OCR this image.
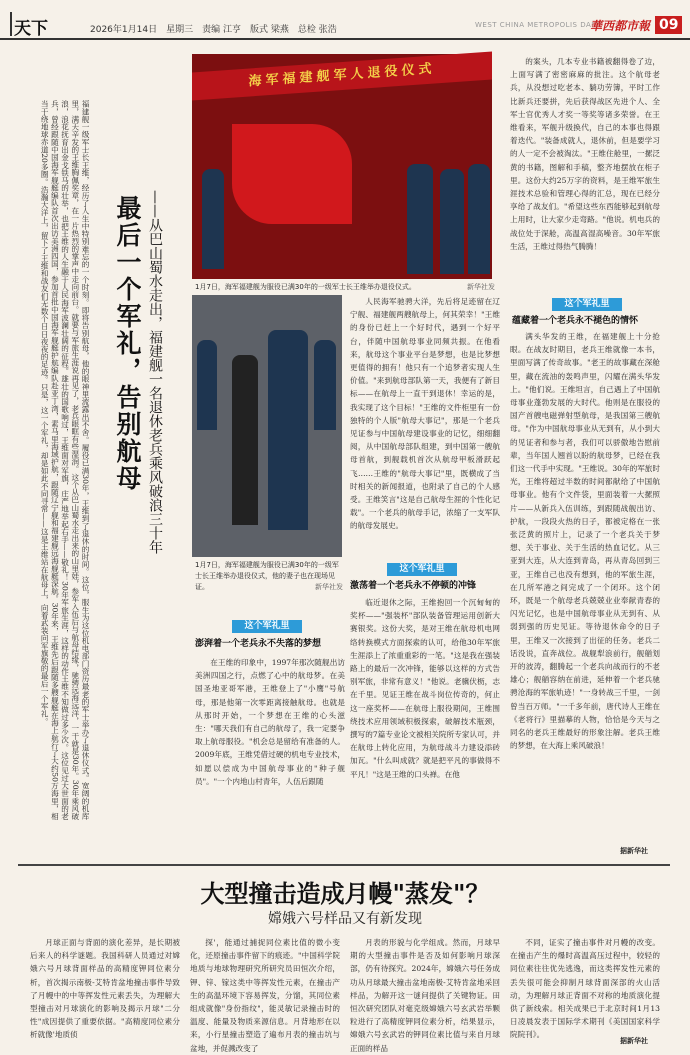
天下	2026年1月14日 星期三 责编 江亨 版式 梁燕 总检 张浩	WEST CHINA METROPOLIS DAILY
華西都市報 09
福建舰一级军士长王维，经历了人生中特别难忘的一个时刻。即将告别航母，他的眼神里流露出不舍。履役已满30年，王维到了退休的时间。这位，服生为这位机电部门资历最老的军士举办了退休仪式。宽阔的机库里，满天辛发的王维胸佩奖章，在一片热烈的掌声中走向前台。就要与军旅生涯说再见了，老兵眼眶有些湿润。这个从巴山蜀水走出来的山里娃，参军入伍后与航母结缘，驰骋远海远洋，一干就是30年。30年乘风破浪，浪花抚育出金戈铁马的壮举，也把王维的人生融于人民海军波澜壮阔的征程。雄壮的国歌响过，王维面对军旗，庄严地举起右手——敬礼！30年军旅生涯，这样的动作王维不知做过多少次。这位见过大世面的老兵，曾经跟随中国海军舰艇编队首次出访美洲四国，参加首批中国海军舰艇护航编队赴亚丁湾，素马里海域护航，跟随辽宁舰和福建舰远海舰艇深航。30年来，王维先后跟随多艘舰艇在海上航行了大约50万海里，相当于绕地球赤道20多圈。浩瀚大洋上，留下了王维和战友们无数个日日夜夜的足迹。只是，这一个军礼，却是如此不同寻常——这是王维站在航母上，向着武装向军旗敬的最后一个军礼。	最后一个军礼，告别航母 ——从巴山蜀水走出，福建舰一名退休老兵乘风破浪三十年
海军福建舰军人退役仪式
1月7日，海军福建舰为服役已满30年的一级军士长王维举办退役仪式。	新华社发
1月7日，海军福建舰为服役已满30年的一级军士长王维举办退役仪式，他的妻子也在现场见证。	新华社发
这个军礼里
澎湃着一个老兵永不失落的梦想

在王维的印象中，1997年那次随舰出访美洲四国之行，点燃了心中的航母梦。在美国圣地亚哥军港，王维登上了"小鹰"号航母，那是他第一次零距离接触航母。也就是从那时开始，一个梦想在王维的心头滋生："哪天我们有自己的航母了，我一定要争取上航母服役。"机会总是留给有准备的人。2009年底，王维凭借过硬的机电专业技术，如愿以偿成为中国航母事业的"种子舰员"。"一个内地山村青年，人伍后跟随

人民海军驰骋大洋，先后将足迹留在辽宁舰、福建舰两艘航母上，何其荣幸！"王维的身份已赶上一个好时代，遇到一个好平台，伴随中国航母事业同频共振。在他看来，航母这个事业平台是梦想，也是比梦想更值得的拥有！他只有一个追梦者实现人生价值。"来到航母部队第一天，我便有了新目标——在航母上一直干到退休！幸运的是，我实现了这个目标！"王维的文件柜里有一份独特的个人版"航母大事记"，那是一个老兵见证参与中国航母建设事业的记忆，细细翻阅，从中国航母部队组建，到中国第一艘航母首航，到舰载机首次从航母甲板滑跃起飞……王维的"航母大事记"里，既横成了当时相关的新闻报道，也附录了自己的个人感受。王维笑言"这是自己航母生涯的个性化记载"。一个老兵的航母手记，浓缩了一支军队的航母发展史。

这个军礼里
激荡着一个老兵永不停顿的冲锋

临近退休之际，王维抱回一个沉甸甸的奖杯——"强装杯"部队装备管理运用创新大赛银奖。这份大奖，是对王维在航母机电网络转换模式方面探索的认可，给他30年军旅生涯添上了浓重重彩的一笔。"这是我在强装路上的最后一次冲锋，能够以这样的方式告别军旅，非常有意义！"他说。老骥伏枥，志在千里。见证王维在战斗岗位传奇的，何止这一座奖杯——在航母上服役期间，王维围绕技术应用领域积极探索，破解技术瓶颈，撰写的7篇专业论文被相关院所专家认可，并在航母上转化应用，为航母战斗力建设添砖加瓦。"什么叫成就？就是把平凡的事做得不平凡！"这是王维的口头禅。在他

的案头，几本专业书籍被翻得卷了边，上面写满了密密麻麻的批注。这个航母老兵，从没想过吃老本、躺功劳簿，平时工作比新兵还要拼，先后获得战区先进个人、全军士官优秀人才奖一等奖等诸多荣誉。在王维看来，军舰升级换代，自己的本事也得跟着迭代。"装备成就人，退休前，但是要学习的人一定不会被淘汰。"王维住舱里，一摞泛黄的书籍，图解和手稿，整齐地摆放在柜子里。这份大约25万字的资料，是王维军旅生涯技术总验和管理心得的汇总，现在已经分享给了战友们。"希望这些东西能够起到航母上用时，让大家少走弯路。"他说。机电兵的战位处于深舱，高温高湿高噪音。30年军旅生活，王维过得热气腾腾！

这个军礼里
蕴藏着一个老兵永不褪色的情怀

满头华发的王维，在福建舰上十分抢眼。在战友时期目，老兵王维就像一本书，里面写满了传奇故事。"老王的故事藏在深舱里，藏在流油的轰鸣声里，闪耀在满头华发上。"他们说。王维坦言，自己遇上了中国航母事业蓬勃发展的大时代。他则是在服役的国产首艘电磁弹射型航母，是我国第三艘航母。"作为中国航母事业从无到有，从小到大的见证者和参与者，我们可以骄傲地告慰前辈，当年国人翘首以盼的航母梦，已经在我们这一代手中实现。"王维说。30年的军旅时光，王维将超过半数的时间都献给了中国航母事业。他有个文件袋，里面装着一大摞照片——从新兵入伍训练，到跟随战舰出访、护航，一段段火热的日子，都被定格在一张张泛黄的照片上，记录了一个老兵关于梦想、关于事业、关于生活的热血记忆。从三亚到大连，从大连到青岛，再从青岛回到三亚，王维自己也没有想到，他的军旅生涯，在几所军港之间完成了一个闭环。这个闭环，既是一个航母老兵兢兢业业奉献青春的闪光记忆，也是中国航母事业从无到有、从弱到强的历史见证。等待退休命令的日子里，王维又一次接到了出征的任务。老兵二话没说，直奔战位。战舰犁浪前行，舰艏划开的波涛，翻腾起一个老兵向战而行的不老雄心；舰艏容纳在前进，延伸着一个老兵驰骋沧海的军旅轨迹！"一身转战三千里，一剑曾当百万师。"一千多年前，唐代诗人王维在《老将行》里描摹的人物，恰恰是今天与之同名的老兵王维最好的形象注解。老兵王维的梦想，在大海上乘风破浪！

据新华社
大型撞击造成月幔"蒸发"？
嫦娥六号样品又有新发现

月球正面与背面的演化差异，是长期被后来人的科学谜题。我国科研人员通过对嫦娥六号月球背面样品的高精度钾同位素分析，首次揭示南极-艾特肯盆地撞击事件导致了月幔中的中等挥发性元素丢失，为理解大型撞击对月球演化的影响及揭示月球"二分性"成因提供了重要依据。"高精度同位素分析就像'地质侦

探'，能通过捕捉同位素比值的微小变化，还原撞击事件留下的痕迹。"中国科学院地质与地球物理研究所研究员田恒次介绍，钾、锌、镓这类中等挥发性元素，在撞击产生的高温环境下容易挥发，分馏，其同位素组成就像"身份指纹"，能灵敏记录撞击时的温度、能量及物质来源信息。月背地形在以来，小行星撞击塑造了遍布月表的撞击坑与盆地，并促溅改变了

月表的形貌与化学组成。然而，月球早期的大型撞击事件是否及如何影响月球深部，仍有待探究。2024年，嫦娥六号任务成功从月球最大撞击盆地南极-艾特肯盆地采回样品，为解开这一谜问提供了关键物证。田恒次研究团队对毫克级嫦娥六号玄武岩举颗粒进行了高精度钾同位素分析，结果显示，嫦娥六号玄武岩的钾同位素比值与来自月球正面的样品

不同，证实了撞击事件对月幔的改变。在撞击产生的爆时高温高压过程中，较轻的同位素往往优先逃逸，而这类挥发性元素的丢失很可能会抑制月球背面深部的火山活动，为理解月球正背面不对称的地质演化提供了新线索。相关成果已于北京时间1月13日凌晨发表于国际学术期刊《美国国家科学院院刊》。

据新华社
